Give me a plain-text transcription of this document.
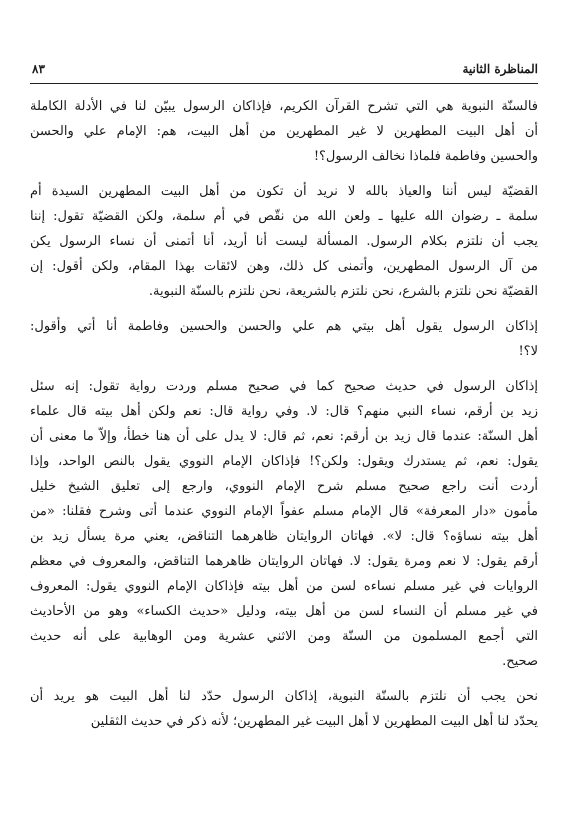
المناظرة الثانية
٨٣
فالسنّة النبوية هي التي تشرح القرآن الكريم، فإذاكان الرسول يبيّن لنا في الأدلة الكاملة
أن أهل البيت المطهرين لا غير المطهرين من أهل البيت، هم: الإمام علي والحسن
والحسين وفاطمة فلماذا نخالف الرسول؟!
القضيّة ليس أننا والعياذ بالله لا نريد أن تكون من أهل البيت المطهرين السيدة أم
سلمة ـ رضوان الله عليها ـ ولعن الله من نقّص في أم سلمة، ولكن القضيّة تقول: إننا
يجب أن نلتزم بكلام الرسول. المسألة ليست أنا أريد، أنا أتمنى أن نساء الرسول يكن
من آل الرسول المطهرين، وأتمنى كل ذلك، وهن لائقات بهذا المقام، ولكن أقول: إن
القضيّة نحن نلتزم بالشرع، نحن نلتزم بالشريعة، نحن نلتزم بالسنّة النبوية.
إذاكان الرسول يقول أهل بيتي هم علي والحسن والحسين وفاطمة أنا أتي وأقول:
لا؟!
إذاكان الرسول في حديث صحيح كما في صحيح مسلم وردت رواية تقول: إنه سئل
زيد بن أرقم، نساء النبي منهم؟ قال: لا. وفي رواية قال: نعم ولكن أهل بيته قال علماء
أهل السنّة: عندما قال زيد بن أرقم: نعم، ثم قال: لا يدل على أن هنا خطأ، وإلاّ ما معنى أن
يقول: نعم، ثم يستدرك ويقول: ولكن؟! فإذاكان الإمام النووي يقول بالنص الواحد، وإذا
أردت أنت راجع صحيح مسلم شرح الإمام النووي، وارجع إلى تعليق الشيخ خليل
مأمون «دار المعرفة» قال الإمام مسلم عفواً الإمام النووي عندما أتى وشرح فقلنا: «من
أهل بيته نساؤه؟ قال: لا». فهاتان الروايتان ظاهرهما التناقض، يعني مرة يسأل زيد بن
أرقم يقول: لا نعم ومرة يقول: لا. فهاتان الروايتان ظاهرهما التناقض، والمعروف في معظم
الروايات في غير مسلم نساءه لسن من أهل بيته فإذاكان الإمام النووي يقول: المعروف
في غير مسلم أن النساء لسن من أهل بيته، ودليل «حديث الكساء» وهو من الأحاديث
التي أجمع المسلمون من السنّة ومن الاثني عشرية ومن الوهابية على أنه حديث
صحيح.
نحن يجب أن نلتزم بالسنّة النبوية، إذاكان الرسول حدّد لنا أهل البيت هو يريد أن
يحدّد لنا أهل البيت المطهرين لا أهل البيت غير المطهرين؛ لأنه ذكر في حديث الثقلين
